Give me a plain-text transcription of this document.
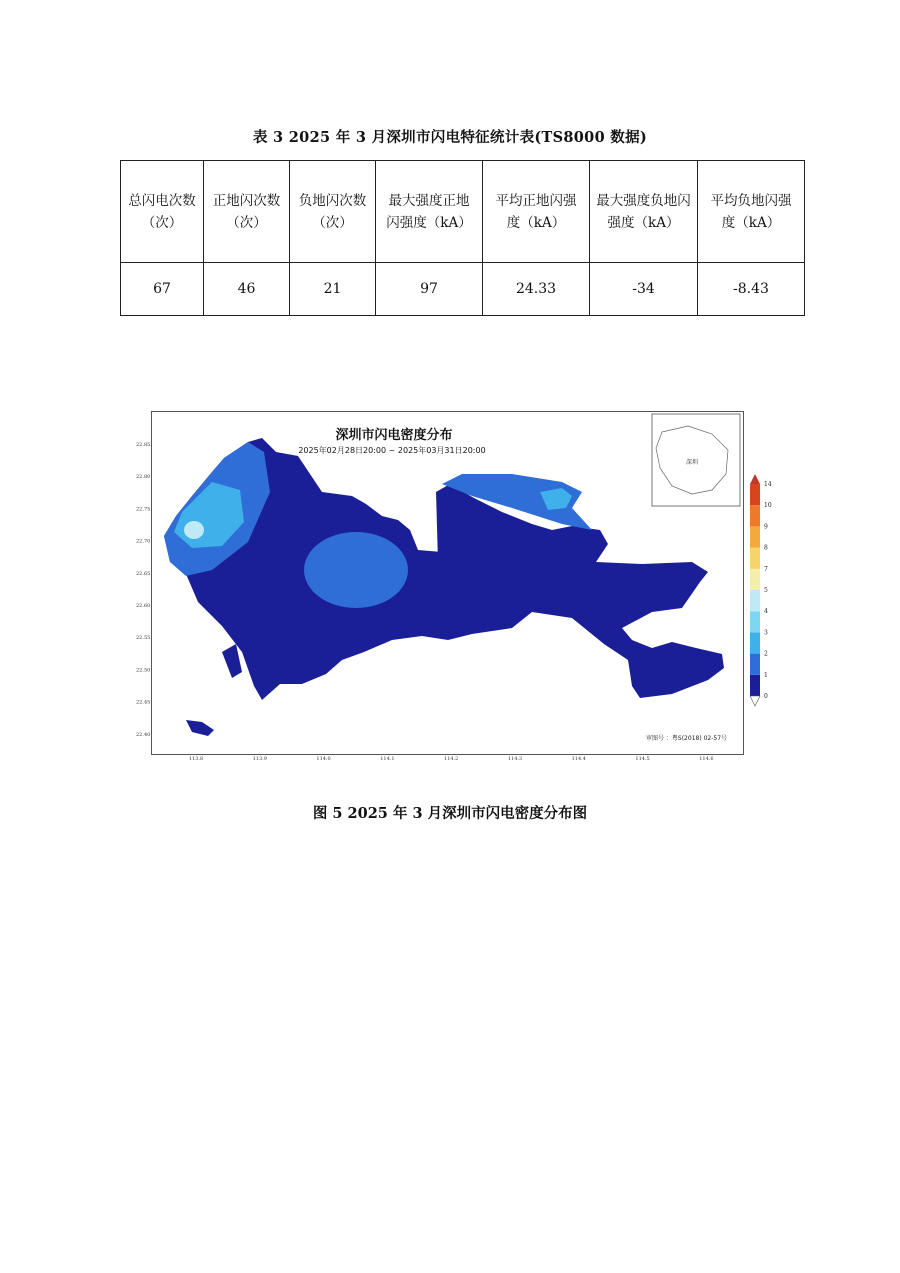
表 3 2025 年 3 月深圳市闪电特征统计表(TS8000 数据)
总闪电次数（次）	正地闪次数（次）	负地闪次数（次）	最大强度正地闪强度（kA）	平均正地闪强度（kA）	最大强度负地闪强度（kA）	平均负地闪强度（kA）
67	46	21	97	24.33	-34	-8.43
深圳市闪电密度分布
2025年02月28日20:00 ~ 2025年03月31日20:00
深圳
审图号 ：粤S(2018) 02-57号
22.85
22.80
22.75
22.70
22.65
22.60
22.55
22.50
22.45
22.40
113.8	113.9	114.0	114.1	114.2	114.3	114.4	114.5	114.6
0
1
2
3
4
5
7
8
9
10
14
图 5 2025 年 3 月深圳市闪电密度分布图
